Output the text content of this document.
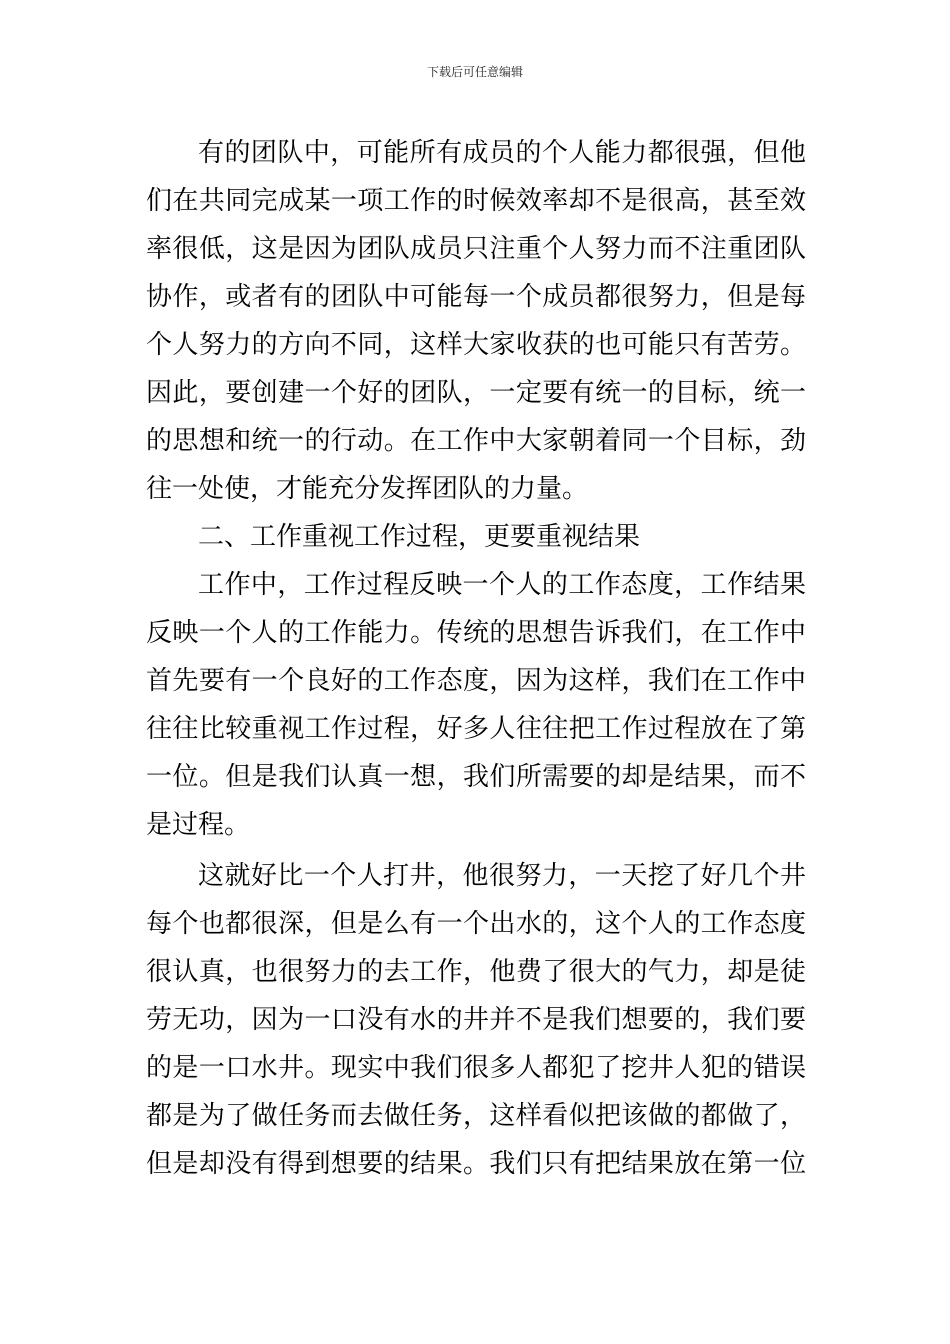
下载后可任意编辑
有的团队中，可能所有成员的个人能力都很强，但他
们在共同完成某一项工作的时候效率却不是很高，甚至效
率很低，这是因为团队成员只注重个人努力而不注重团队
协作，或者有的团队中可能每一个成员都很努力，但是每
个人努力的方向不同，这样大家收获的也可能只有苦劳。
因此，要创建一个好的团队，一定要有统一的目标，统一
的思想和统一的行动。在工作中大家朝着同一个目标，劲
往一处使，才能充分发挥团队的力量。
二、工作重视工作过程，更要重视结果
工作中，工作过程反映一个人的工作态度，工作结果
反映一个人的工作能力。传统的思想告诉我们，在工作中
首先要有一个良好的工作态度，因为这样，我们在工作中
往往比较重视工作过程，好多人往往把工作过程放在了第
一位。但是我们认真一想，我们所需要的却是结果，而不
是过程。
这就好比一个人打井，他很努力，一天挖了好几个井
每个也都很深，但是么有一个出水的，这个人的工作态度
很认真，也很努力的去工作，他费了很大的气力，却是徒
劳无功，因为一口没有水的井并不是我们想要的，我们要
的是一口水井。现实中我们很多人都犯了挖井人犯的错误
都是为了做任务而去做任务，这样看似把该做的都做了，
但是却没有得到想要的结果。我们只有把结果放在第一位
